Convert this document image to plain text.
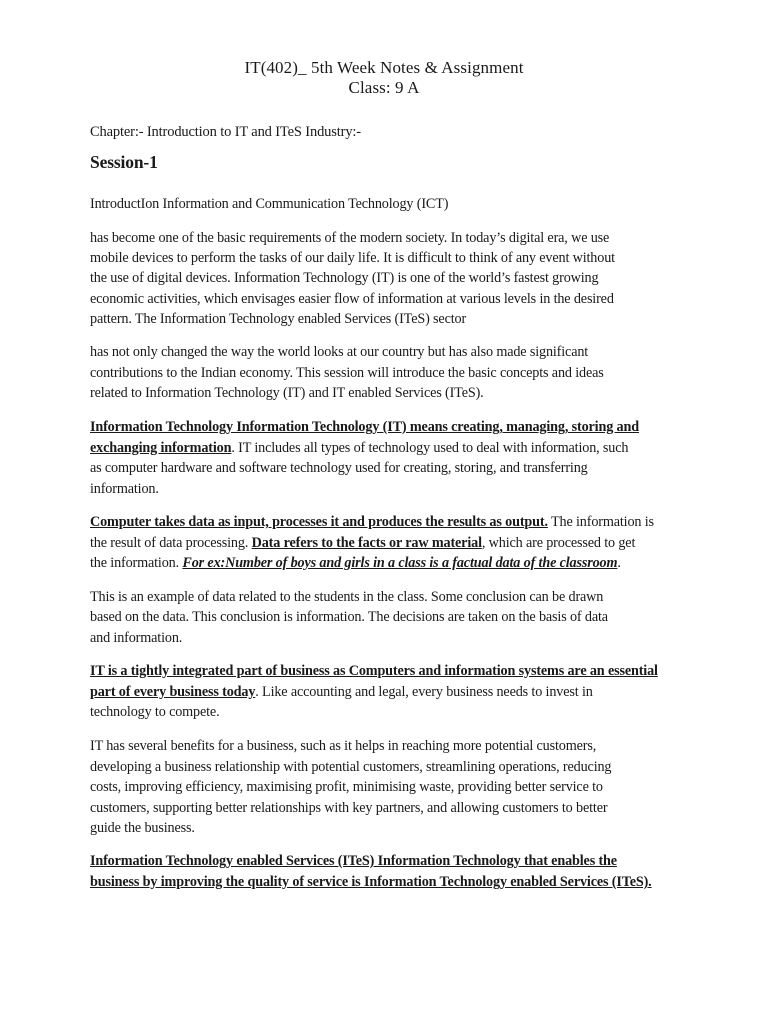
IT(402)_ 5th Week Notes & Assignment
Class: 9 A
Chapter:- Introduction to IT and ITeS Industry:-
Session-1
IntroductIon Information and Communication Technology (ICT)
has become one of the basic requirements of the modern society. In today’s digital era, we use
mobile devices to perform the tasks of our daily life. It is difficult to think of any event without
the use of digital devices. Information Technology (IT) is one of the world’s fastest growing
economic activities, which envisages easier flow of information at various levels in the desired
pattern. The Information Technology enabled Services (ITeS) sector
has not only changed the way the world looks at our country but has also made significant
contributions to the Indian economy. This session will introduce the basic concepts and ideas
related to Information Technology (IT) and IT enabled Services (ITeS).
Information Technology Information Technology (IT) means creating, managing, storing and
exchanging information. IT includes all types of technology used to deal with information, such
as computer hardware and software technology used for creating, storing, and transferring
information.
Computer takes data as input, processes it and produces the results as output. The information is
the result of data processing. Data refers to the facts or raw material, which are processed to get
the information. For ex:Number of boys and girls in a class is a factual data of the classroom.
This is an example of data related to the students in the class. Some conclusion can be drawn
based on the data. This conclusion is information. The decisions are taken on the basis of data
and information.
IT is a tightly integrated part of business as Computers and information systems are an essential
part of every business today. Like accounting and legal, every business needs to invest in
technology to compete.
IT has several benefits for a business, such as it helps in reaching more potential customers,
developing a business relationship with potential customers, streamlining operations, reducing
costs, improving efficiency, maximising profit, minimising waste, providing better service to
customers, supporting better relationships with key partners, and allowing customers to better
guide the business.
Information Technology enabled Services (ITeS) Information Technology that enables the
business by improving the quality of service is Information Technology enabled Services (ITeS).
